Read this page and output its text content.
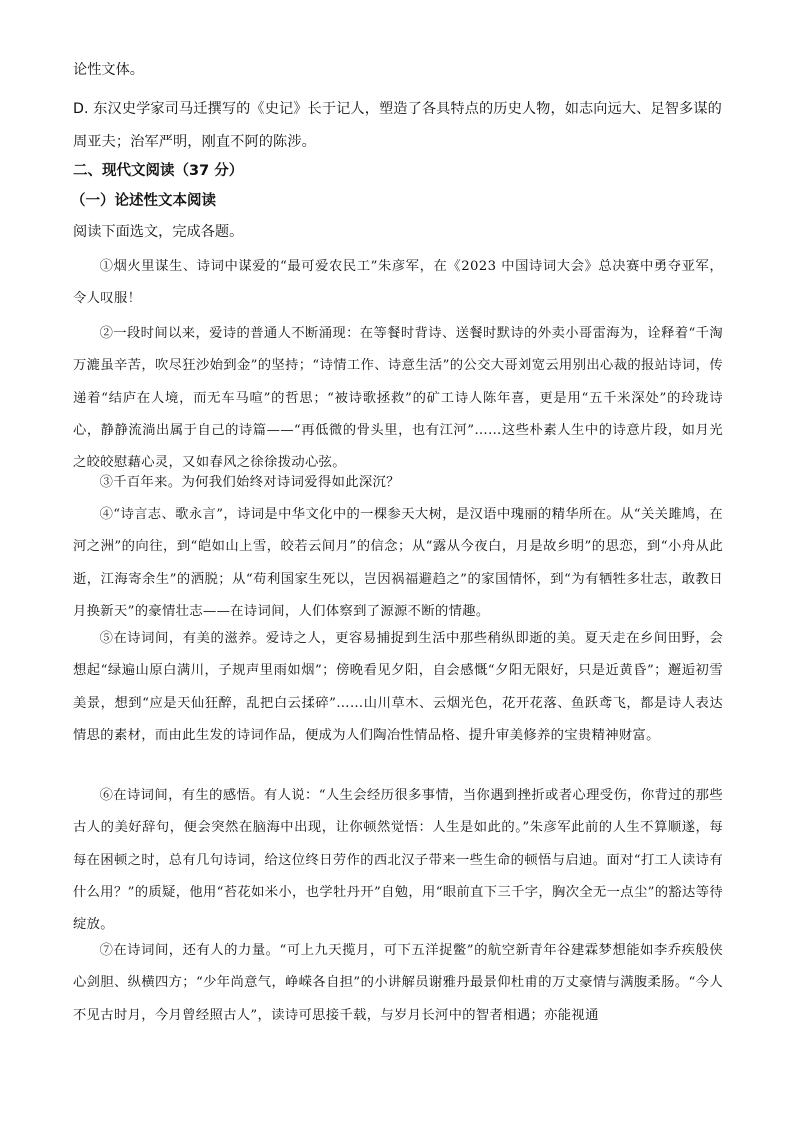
论性文体。
D. 东汉史学家司马迁撰写的《史记》长于记人，塑造了各具特点的历史人物，如志向远大、足智多谋的周亚夫；治军严明，刚直不阿的陈涉。
二、现代文阅读（37 分）
（一）论述性文本阅读
阅读下面选文，完成各题。
①烟火里谋生、诗词中谋爱的“最可爱农民工”朱彦军，在《2023 中国诗词大会》总决赛中勇夺亚军，令人叹服！
②一段时间以来，爱诗的普通人不断涌现：在等餐时背诗、送餐时默诗的外卖小哥雷海为，诠释着“千淘万漉虽辛苦，吹尽狂沙始到金”的坚持；“诗情工作、诗意生活”的公交大哥刘宽云用别出心裁的报站诗词，传递着“结庐在人境，而无车马喧”的哲思；“被诗歌拯救”的矿工诗人陈年喜，更是用“五千米深处”的玲珑诗心，静静流淌出属于自己的诗篇——“再低微的骨头里，也有江河”……这些朴素人生中的诗意片段，如月光之皎皎慰藉心灵，又如春风之徐徐拨动心弦。
③千百年来。为何我们始终对诗词爱得如此深沉？
④“诗言志、歌永言”，诗词是中华文化中的一棵参天大树，是汉语中瑰丽的精华所在。从“关关雎鸠，在河之洲”的向往，到“皑如山上雪，皎若云间月”的信念；从“露从今夜白，月是故乡明”的思恋，到“小舟从此逝，江海寄余生”的洒脱；从“苟利国家生死以，岂因祸福避趋之”的家国情怀，到“为有牺牲多壮志，敢教日月换新天”的豪情壮志——在诗词间，人们体察到了源源不断的情趣。
⑤在诗词间，有美的滋养。爱诗之人，更容易捕捉到生活中那些稍纵即逝的美。夏天走在乡间田野，会想起“绿遍山原白满川，子规声里雨如烟”；傍晚看见夕阳，自会感慨“夕阳无限好，只是近黄昏”；邂逅初雪美景，想到“应是天仙狂醉，乱把白云揉碎”……山川草木、云烟光色，花开花落、鱼跃鸢飞，都是诗人表达情思的素材，而由此生发的诗词作品，便成为人们陶冶性情品格、提升审美修养的宝贵精神财富。
⑥在诗词间，有生的感悟。有人说：“人生会经历很多事情，当你遇到挫折或者心理受伤，你背过的那些古人的美好辞句，便会突然在脑海中出现，让你顿然觉悟：人生是如此的。”朱彦军此前的人生不算顺遂，每每在困顿之时，总有几句诗词，给这位终日劳作的西北汉子带来一些生命的顿悟与启迪。面对“打工人读诗有什么用？”的质疑，他用“苔花如米小，也学牡丹开”自勉，用“眼前直下三千字，胸次全无一点尘”的豁达等待绽放。
⑦在诗词间，还有人的力量。“可上九天揽月，可下五洋捉鳖”的航空新青年谷建霖梦想能如李乔疾般侠心剑胆、纵横四方；“少年尚意气，峥嵘各自担”的小讲解员谢雅丹最景仰杜甫的万丈豪情与满腹柔肠。“今人不见古时月，今月曾经照古人”，读诗可思接千载，与岁月长河中的智者相遇；亦能视通
